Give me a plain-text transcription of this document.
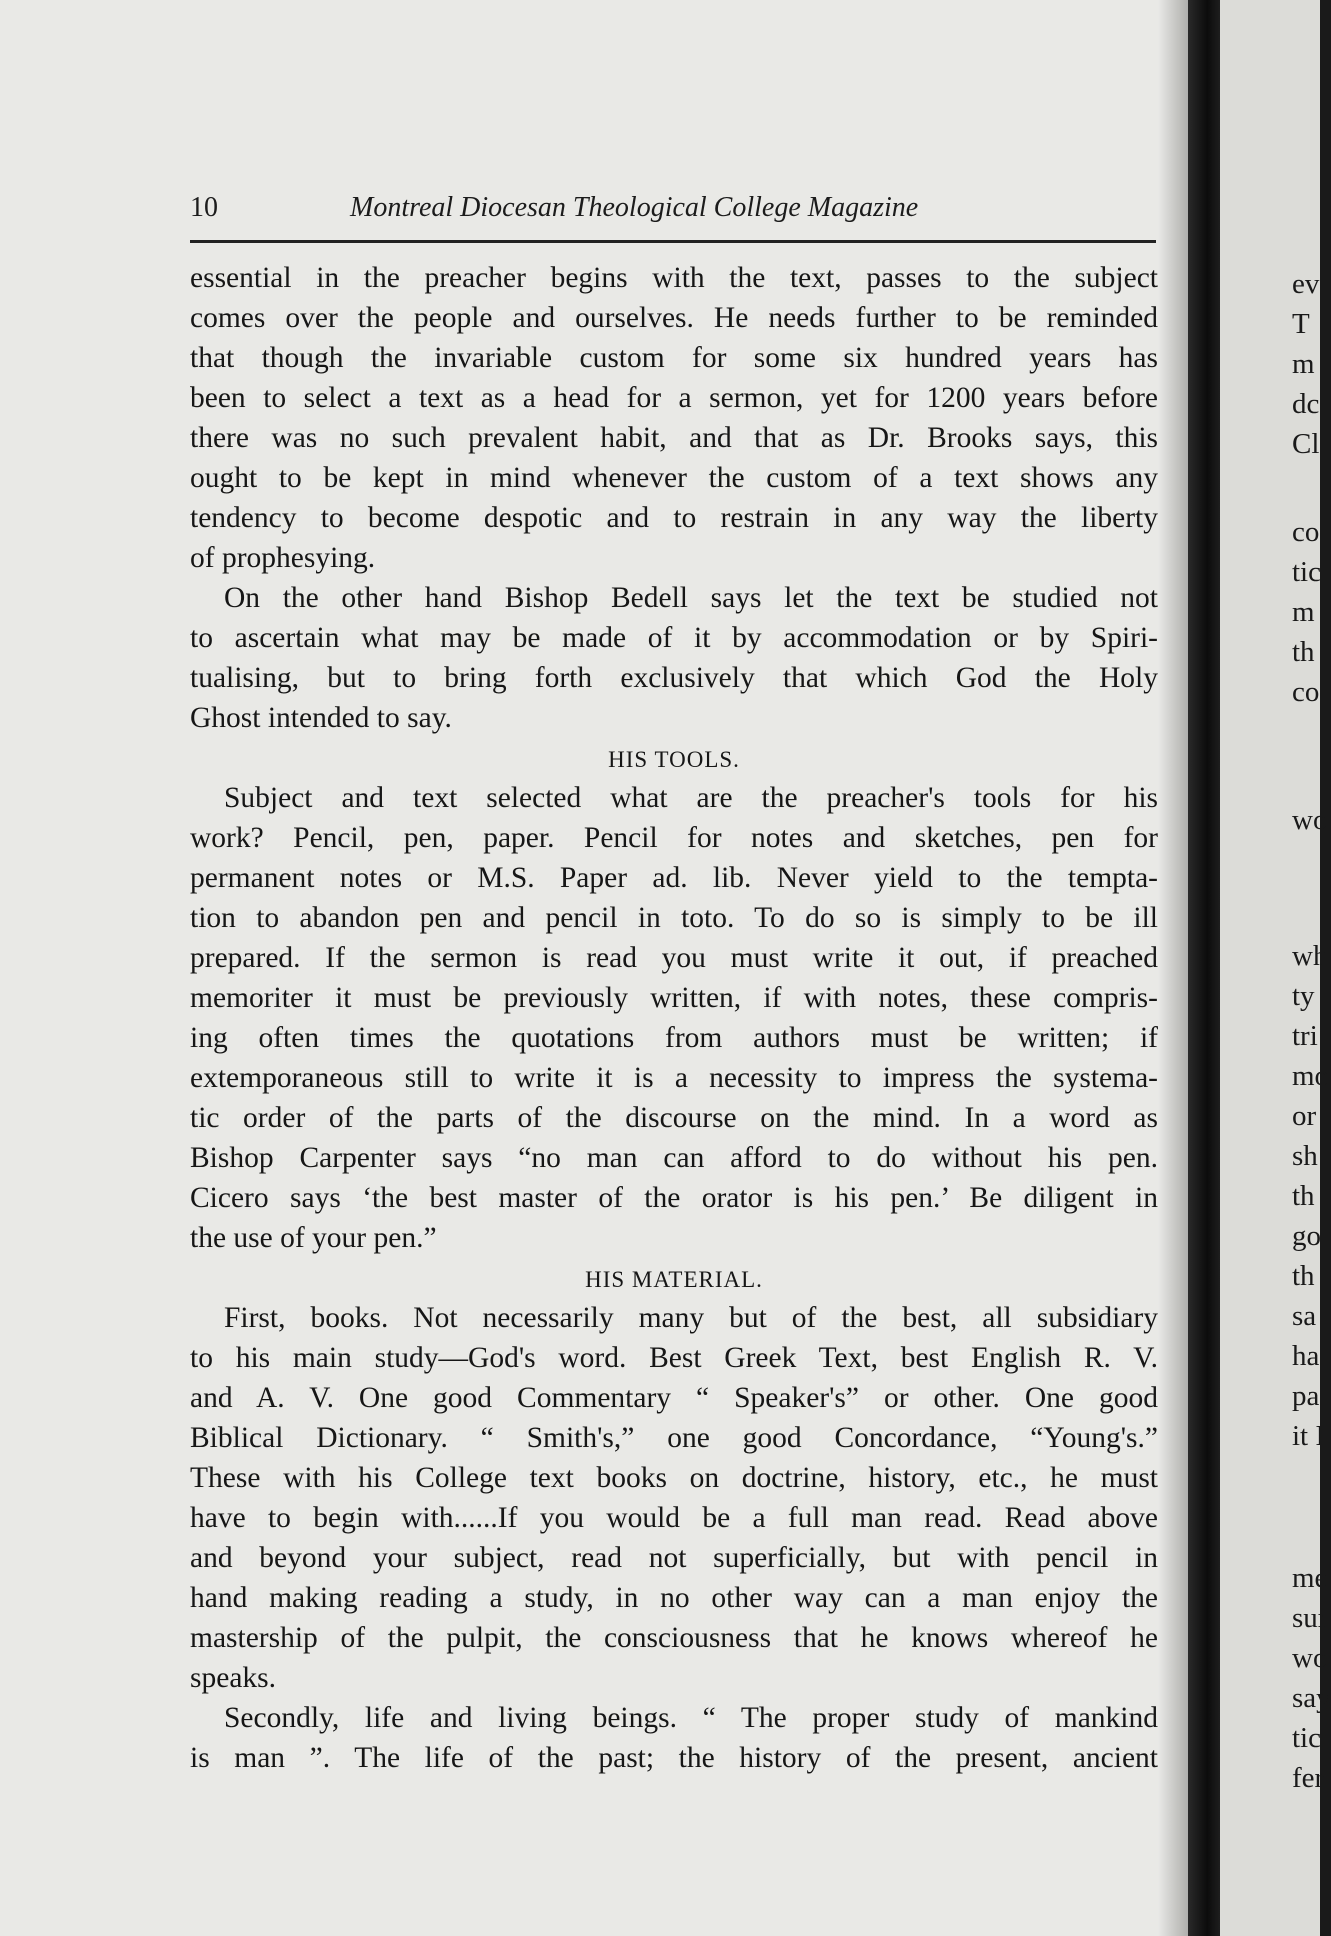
10	Montreal Diocesan Theological College Magazine
essential in the preacher begins with the text, passes to the subject
comes over the people and ourselves. He needs further to be reminded
that though the invariable custom for some six hundred years has
been to select a text as a head for a sermon, yet for 1200 years before
there was no such prevalent habit, and that as Dr. Brooks says, this
ought to be kept in mind whenever the custom of a text shows any
tendency to become despotic and to restrain in any way the liberty
of prophesying.
On the other hand Bishop Bedell says let the text be studied not
to ascertain what may be made of it by accommodation or by Spiri-
tualising, but to bring forth exclusively that which God the Holy
Ghost intended to say.
HIS TOOLS.
Subject and text selected what are the preacher's tools for his
work? Pencil, pen, paper. Pencil for notes and sketches, pen for
permanent notes or M.S. Paper ad. lib. Never yield to the tempta-
tion to abandon pen and pencil in toto. To do so is simply to be ill
prepared. If the sermon is read you must write it out, if preached
memoriter it must be previously written, if with notes, these compris-
ing often times the quotations from authors must be written; if
extemporaneous still to write it is a necessity to impress the systema-
tic order of the parts of the discourse on the mind. In a word as
Bishop Carpenter says “no man can afford to do without his pen.
Cicero says ‘the best master of the orator is his pen.’ Be diligent in
the use of your pen.”
HIS MATERIAL.
First, books. Not necessarily many but of the best, all subsidiary
to his main study—God's word. Best Greek Text, best English R. V.
and A. V. One good Commentary “ Speaker's” or other. One good
Biblical Dictionary. “ Smith's,” one good Concordance, “Young's.”
These with his College text books on doctrine, history, etc., he must
have to begin with......If you would be a full man read. Read above
and beyond your subject, read not superficially, but with pencil in
hand making reading a study, in no other way can a man enjoy the
mastership of the pulpit, the consciousness that he knows whereof he
speaks.
Secondly, life and living beings. “ The proper study of mankind
is man ”. The life of the past; the history of the present, ancient
ev
T
m
dc
Cl
co
tic
m
th
co
wo
wh
ty
tri
mo
or
sh
th
go
th
sa
ha
pa
it I
me
sur
wo
say
tic
fer
